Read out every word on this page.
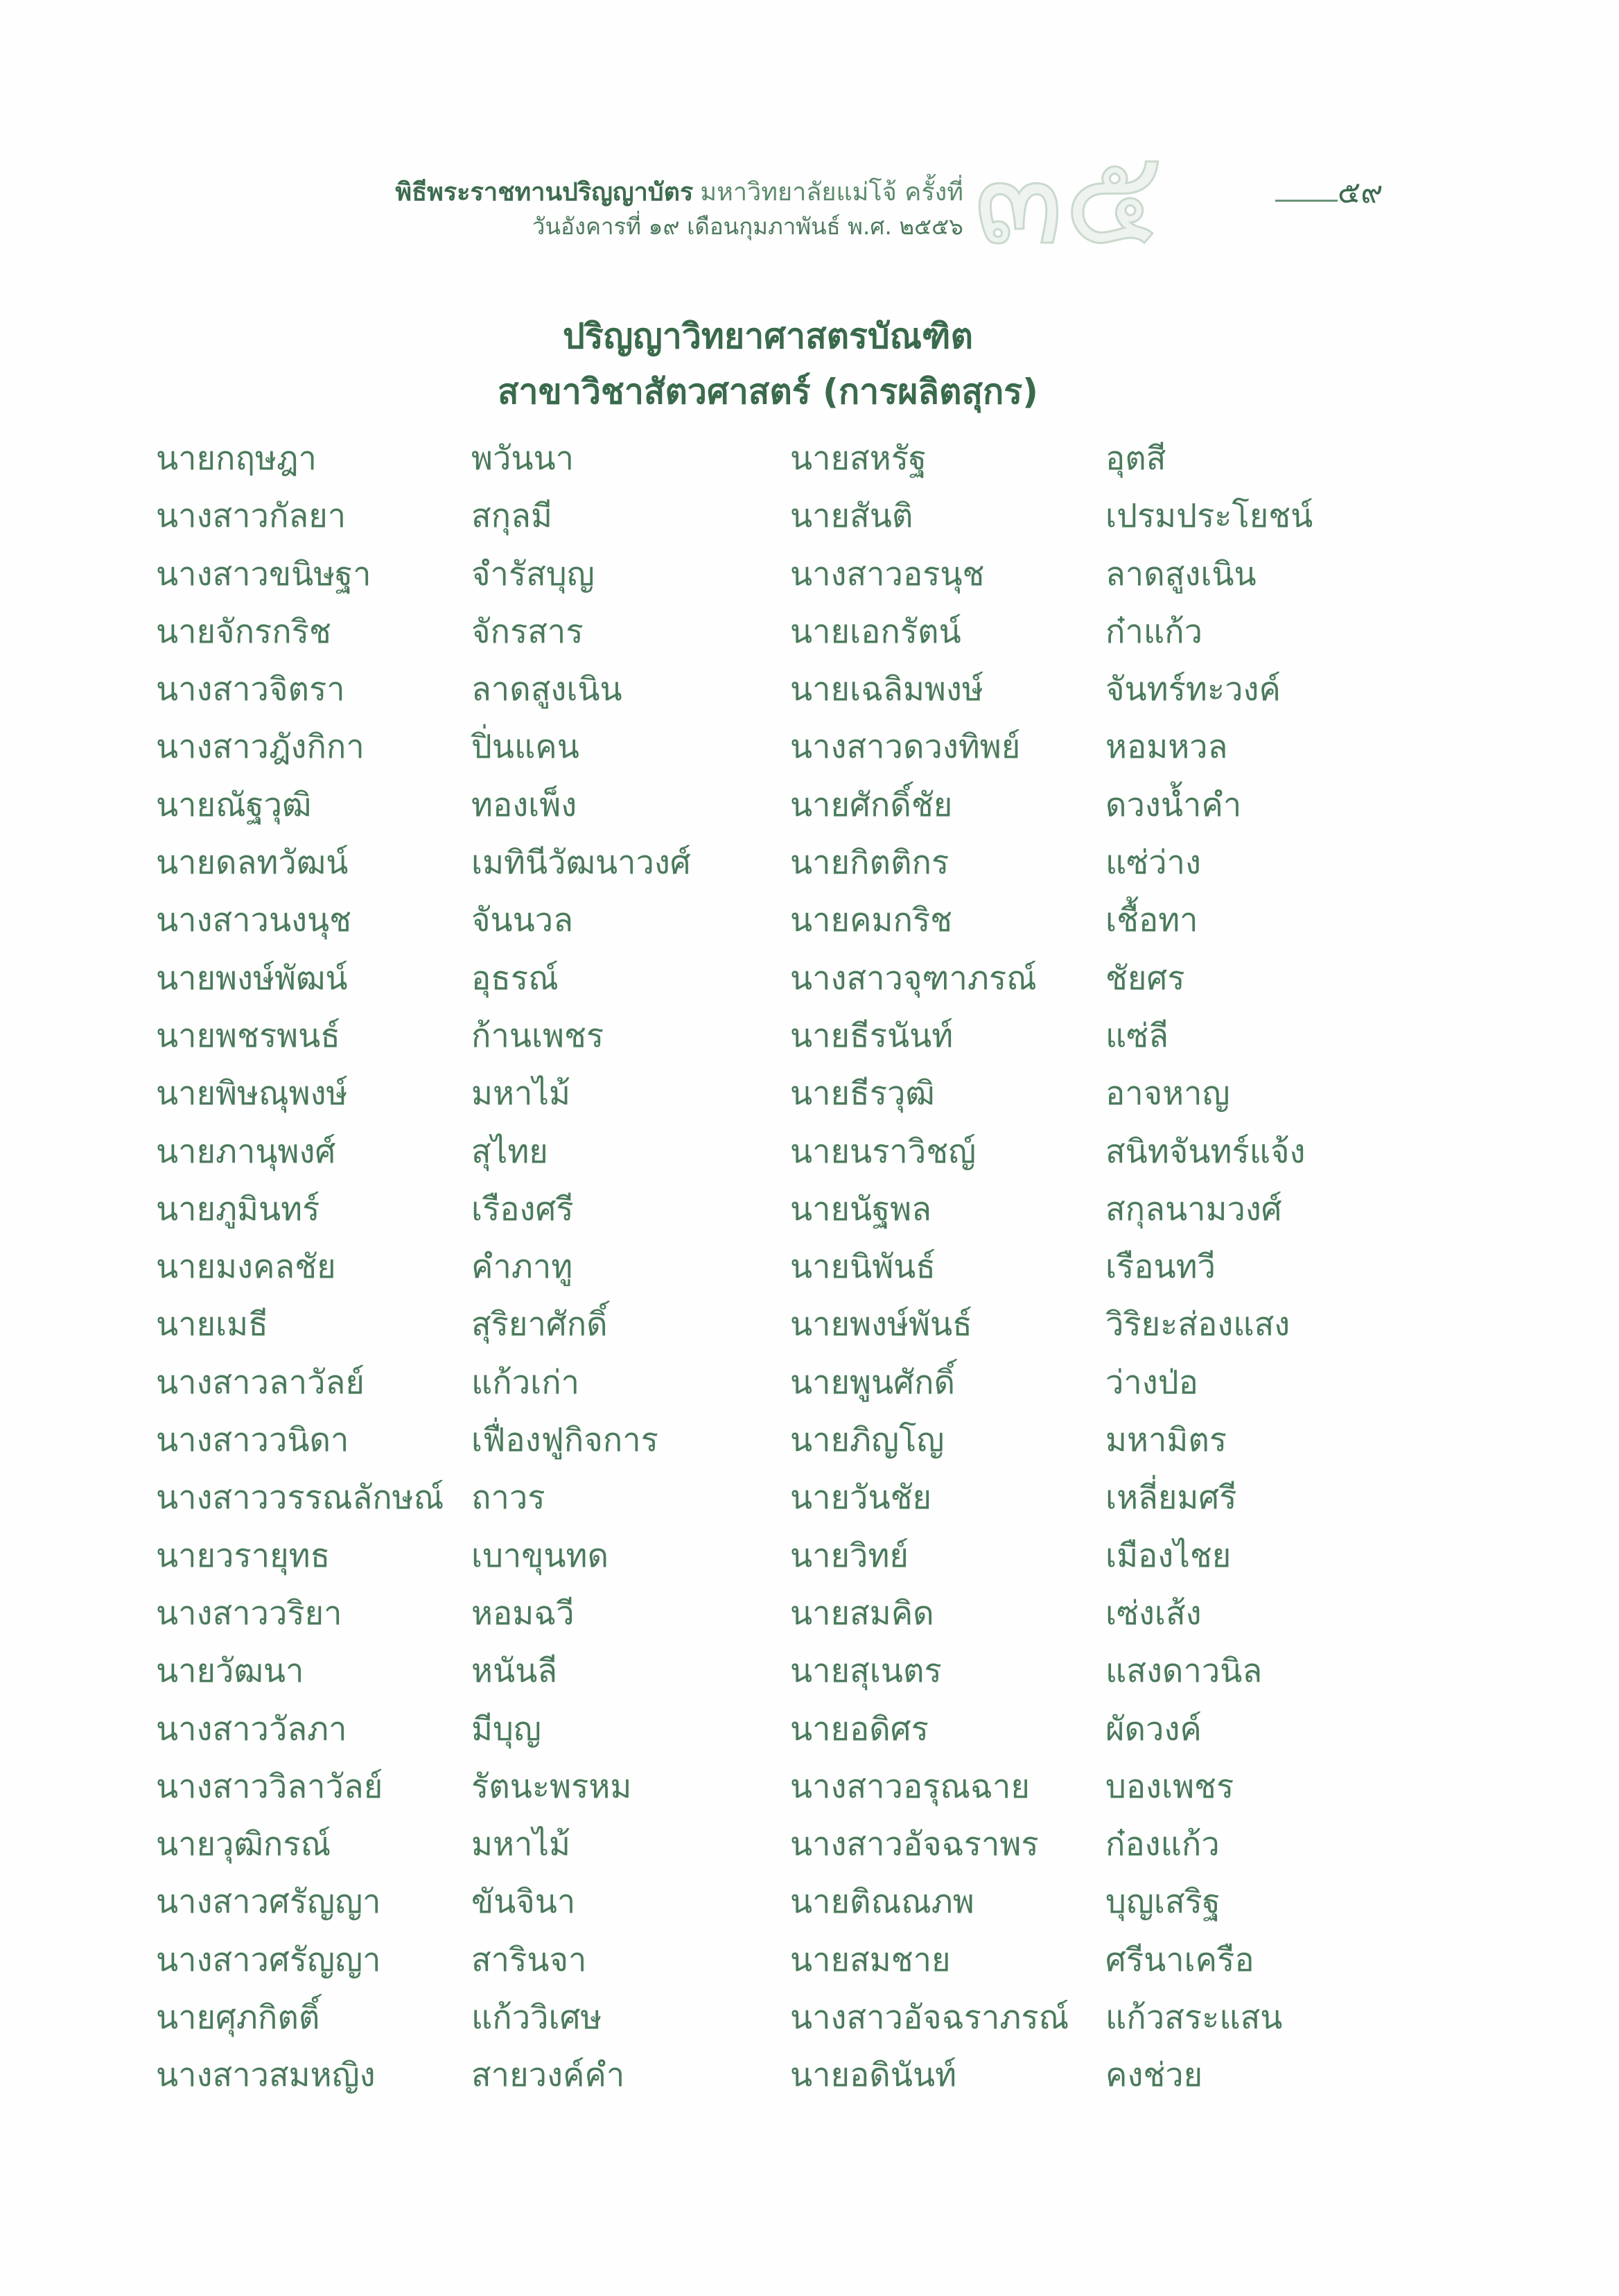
๓๕
พิธีพระราชทานปริญญาบัตร มหาวิทยาลัยแม่โจ้ ครั้งที่
วันอังคารที่ ๑๙ เดือนกุมภาพันธ์ พ.ศ. ๒๕๕๖
๕๙
ปริญญาวิทยาศาสตรบัณฑิต
สาขาวิชาสัตวศาสตร์ (การผลิตสุกร)
นายกฤษฎา
นางสาวกัลยา
นางสาวขนิษฐา
นายจักรกริช
นางสาวจิตรา
นางสาวฎังกิกา
นายณัฐวุฒิ
นายดลทวัฒน์
นางสาวนงนุช
นายพงษ์พัฒน์
นายพชรพนธ์
นายพิษณุพงษ์
นายภานุพงศ์
นายภูมินทร์
นายมงคลชัย
นายเมธี
นางสาวลาวัลย์
นางสาววนิดา
นางสาววรรณลักษณ์
นายวรายุทธ
นางสาววริยา
นายวัฒนา
นางสาววัลภา
นางสาววิลาวัลย์
นายวุฒิกรณ์
นางสาวศรัญญา
นางสาวศรัญญา
นายศุภกิตติ์
นางสาวสมหญิง
พวันนา
สกุลมี
จำรัสบุญ
จักรสาร
ลาดสูงเนิน
ปิ่นแคน
ทองเพ็ง
เมทินีวัฒนาวงศ์
จันนวล
อุธรณ์
ก้านเพชร
มหาไม้
สุไทย
เรืองศรี
คำภาทู
สุริยาศักดิ์
แก้วเก่า
เฟื่องฟูกิจการ
ถาวร
เบาขุนทด
หอมฉวี
หนันลี
มีบุญ
รัตนะพรหม
มหาไม้
ขันจินา
สารินจา
แก้ววิเศษ
สายวงค์คำ
นายสหรัฐ
นายสันติ
นางสาวอรนุช
นายเอกรัตน์
นายเฉลิมพงษ์
นางสาวดวงทิพย์
นายศักดิ์ชัย
นายกิตติกร
นายคมกริช
นางสาวจุฑาภรณ์
นายธีรนันท์
นายธีรวุฒิ
นายนราวิชญ์
นายนัฐพล
นายนิพันธ์
นายพงษ์พันธ์
นายพูนศักดิ์
นายภิญโญ
นายวันชัย
นายวิทย์
นายสมคิด
นายสุเนตร
นายอดิศร
นางสาวอรุณฉาย
นางสาวอัจฉราพร
นายติณณภพ
นายสมชาย
นางสาวอัจฉราภรณ์
นายอดินันท์
อุตสี
เปรมประโยชน์
ลาดสูงเนิน
ก๋าแก้ว
จันทร์ทะวงค์
หอมหวล
ดวงน้ำคำ
แซ่ว่าง
เชื้อทา
ชัยศร
แซ่ลี
อาจหาญ
สนิทจันทร์แจ้ง
สกุลนามวงศ์
เรือนทวี
วิริยะส่องแสง
ว่างป่อ
มหามิตร
เหลี่ยมศรี
เมืองไชย
เซ่งเส้ง
แสงดาวนิล
ผัดวงค์
บองเพชร
ก๋องแก้ว
บุญเสริฐ
ศรีนาเครือ
แก้วสระแสน
คงช่วย
